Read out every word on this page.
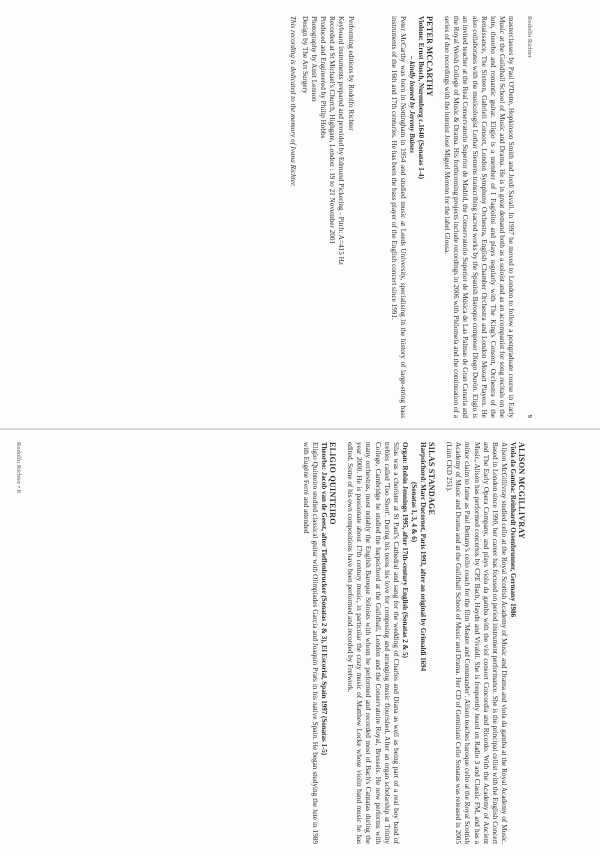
Rodolfo Richter
9

masterclasses by Paul O'Dette, Hopkinson Smith and Jordi Savall. In 1997 he moved to London to follow a postgraduate course in Early Music at the Guildhall School of Music and Drama. He is in great demand both as a soloist and as an accompanist for song recitals on the lute, theorbo and romantic guitar. Eligio is a member of I Fagiolini and plays regularly with The King's Consort, Orchestra of the Renaissance, The Sixteen, Gabrieli Consort, London Symphony Orchestra, English Chamber Orchestra and London Mozart Players. He also collaborates with the musicologist Lothar Siemens transcribing sacred works by the Spanish Baroque composer Diego Durón. Eligio is an invited teacher at the Real Conservatorio Superior de Madrid, the Conservatorio Superior de Música de Las Palmas de Gran Canaria and the Royal Welsh College of Music & Drama. His forthcoming projects include recordings in 2006 with Philomela and the continuation of a series of duo recordings with the lutenist José Miguel Moreno for the label Glossa.

PETER MCCARTHY
Violone: Ernst Busch, Nuremberg c.1640 (Sonatas 1-4)
– kindly loaned by Jeremy Baines

Peter McCarthy was born in Nottingham in 1954 and studied music at Leeds University, specialising in the history of large-string bass instruments of the 16th and 17th centuries. He has been the bass player of the English concert since 1991.

Performing editions by Rodolfo Richter
Keyboard instruments prepared and provided by Edmund Pickering - Pitch: A=415 Hz
Recorded at St Michael's Church, Highgate, London : 19 to 21 November 2001
Produced and Engineered by Philip Hobbs
Photography by Amit Lennon
Design by The Art Surgery
This recording is dedicated to the memory of Ivana Richter.
ALISON MCGILLIVRAY
Viola da Gamba: Reinhardt Ossenbrunner, Germany 1986

Alison McGillivray studied cello at the Royal Scottish Academy of Music and Drama and viola da gamba at the Royal Academy of Music. Based in London since 1990, her career has focused on period instrument performance. She is the principal cellist with the English Concert and The Early Opera Company, and plays viola da gamba with the viol consort Concordia and Ricordo. With the Academy of Ancient Music, Alison has performed concertos by CPE Bach, Haydn and Vivaldi. She is frequently heard on Radio 3 and Classic FM, and has a minor claim to fame as Paul Bettany's cello coach for the film 'Master and Commander'. Alison teaches baroque cello at the Royal Scottish Academy of Music and Drama and at the Guildhall School of Music and Drama. Her CD of Geminiani Cello Sonatas was released in 2005 (Linn CKD 251).

SILAS STANDAGE
Harpsichord: Marc Ducornet, Paris 1993, after an original by Grimaldi 1694
(Sonatas 1, 3, 4 & 6)
Organ: Robin Jennings 1995, after 17th-century English (Sonatas 2 & 5)

Silas was a chorister at St Paul's Cathedral and sang for the wedding of Charles and Diana as well as being part of a real boy band of trebles called 'Too Short'. During his teens his love for composing and arranging music flourished. After an organ scholarship at Trinity College, Cambridge he studied the harpsichord at the Guildhall, London and the Conservatoire Royal, Brussels. He now performs with many orchestras, most notably the English Baroque Soloists with whom he performed and recorded most of Bach's Cantatas during the year 2000. He is passionate about 17th century music, in particular the crazy music of Matthew Locke whose violin band music he has edited. Some of his own compositions have been performed and recorded by Fretwork.

ELIGIO QUINTEIRO
Theorbo: Jacob van de Geest, after Tieffenbrucker (Sonatas 2 & 3), El Escorial, Spain 1997 (Sonatas 1-5)

Eligio Quinteiro studied classical guitar with Olimpiades García and Joaquín Prats in his native Spain. He began studying the lute in 1989 with Eugène Ferré and attended

Rodolfo Richter • 8
